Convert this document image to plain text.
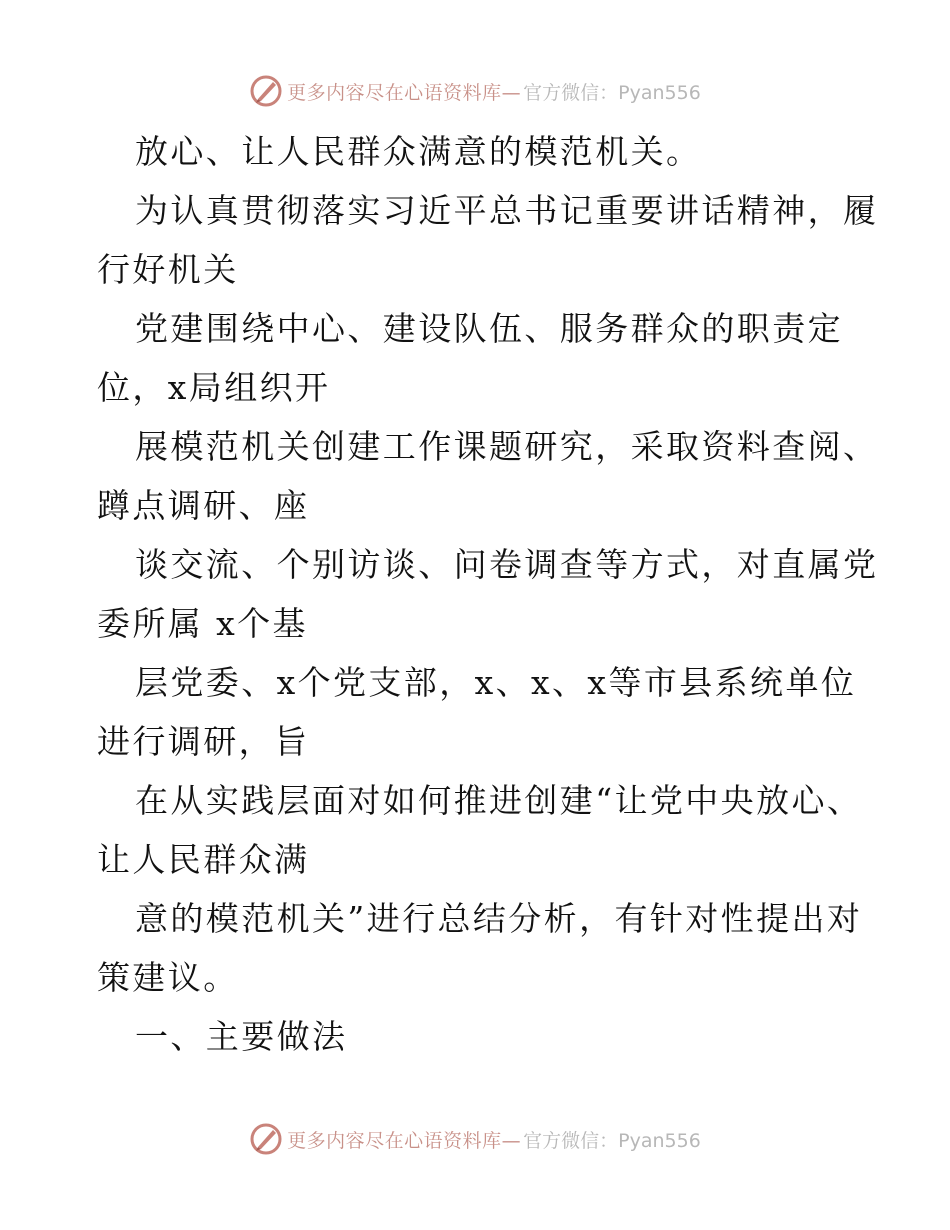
更多内容尽在心语资料库— 官方微信：Pyan556
放心、让人民群众满意的模范机关。
为认真贯彻落实习近平总书记重要讲话精神，履
行好机关
党建围绕中心、建设队伍、服务群众的职责定
位，x局组织开
展模范机关创建工作课题研究，采取资料查阅、
蹲点调研、座
谈交流、个别访谈、问卷调查等方式，对直属党
委所属 x个基
层党委、x个党支部，x、x、x等市县系统单位
进行调研，旨
在从实践层面对如何推进创建“让党中央放心、
让人民群众满
意的模范机关”进行总结分析，有针对性提出对
策建议。
一、主要做法
更多内容尽在心语资料库— 官方微信：Pyan556
